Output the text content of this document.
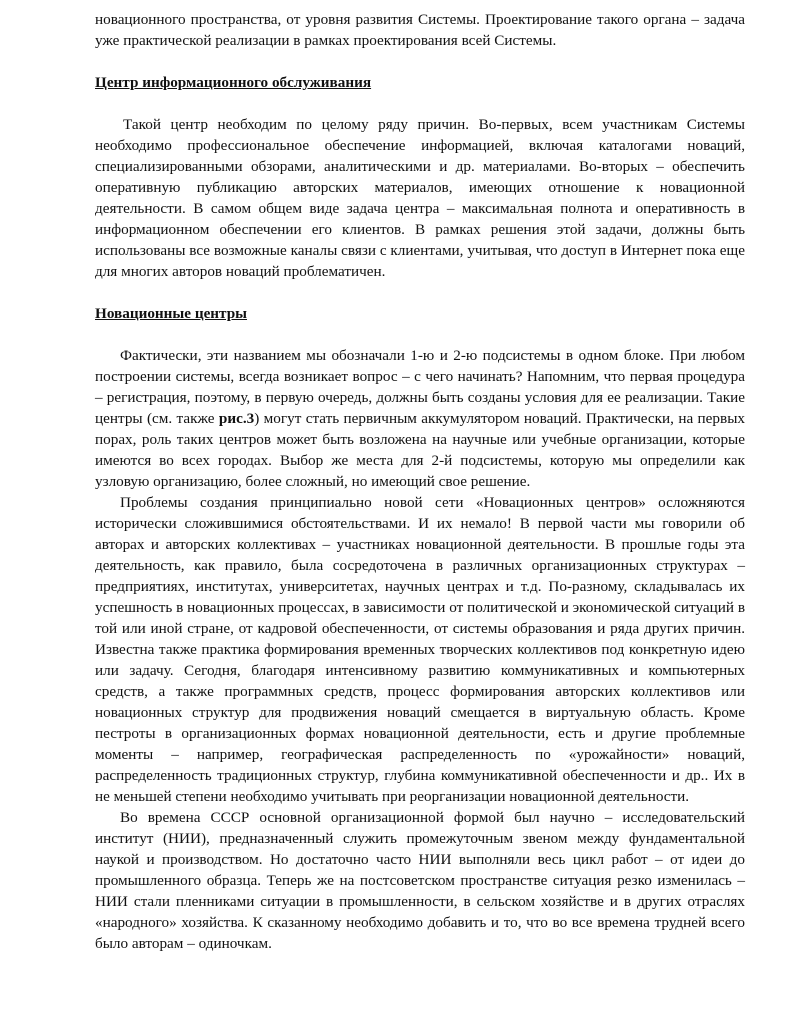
новационного пространства, от уровня развития Системы. Проектирование такого органа – задача уже практической реализации в рамках проектирования всей Системы.

Центр информационного обслуживания

Такой центр необходим по целому ряду причин. Во-первых, всем участникам Системы необходимо профессиональное обеспечение информацией, включая каталогами новаций, специализированными обзорами, аналитическими и др. материалами. Во-вторых – обеспечить оперативную публикацию авторских материалов, имеющих отношение к новационной деятельности. В самом общем виде задача центра – максимальная полнота и оперативность в информационном обеспечении его клиентов. В рамках решения этой задачи, должны быть использованы все возможные каналы связи с клиентами, учитывая, что доступ в Интернет пока еще для многих авторов новаций проблематичен.

Новационные центры

Фактически, эти названием мы обозначали 1-ю и 2-ю подсистемы в одном блоке. При любом построении системы, всегда возникает вопрос – с чего начинать? Напомним, что первая процедура – регистрация, поэтому, в первую очередь, должны быть созданы условия для ее реализации. Такие центры (см. также рис.3) могут стать первичным аккумулятором новаций. Практически, на первых порах, роль таких центров может быть возложена на научные или учебные организации, которые имеются во всех городах. Выбор же места для 2-й подсистемы, которую мы определили как узловую организацию, более сложный, но имеющий свое решение.

Проблемы создания принципиально новой сети «Новационных центров» осложняются исторически сложившимися обстоятельствами. И их немало! В первой части мы говорили об авторах и авторских коллективах – участниках новационной деятельности. В прошлые годы эта деятельность, как правило, была сосредоточена в различных организационных структурах – предприятиях, институтах, университетах, научных центрах и т.д. По-разному, складывалась их успешность в новационных процессах, в зависимости от политической и экономической ситуаций в той или иной стране, от кадровой обеспеченности, от системы образования и ряда других причин. Известна также практика формирования временных творческих коллективов под конкретную идею или задачу. Сегодня, благодаря интенсивному развитию коммуникативных и компьютерных средств, а также программных средств, процесс формирования авторских коллективов или новационных структур для продвижения новаций смещается в виртуальную область. Кроме пестроты в организационных формах новационной деятельности, есть и другие проблемные моменты – например, географическая распределенность по «урожайности» новаций, распределенность традиционных структур, глубина коммуникативной обеспеченности и др.. Их в не меньшей степени необходимо учитывать при реорганизации новационной деятельности.

Во времена СССР основной организационной формой был научно – исследовательский институт (НИИ), предназначенный служить промежуточным звеном между фундаментальной наукой и производством. Но достаточно часто НИИ выполняли весь цикл работ – от идеи до промышленного образца. Теперь же на постсоветском пространстве ситуация резко изменилась – НИИ стали пленниками ситуации в промышленности, в сельском хозяйстве и в других отраслях «народного» хозяйства. К сказанному необходимо добавить и то, что во все времена трудней всего было авторам – одиночкам.
